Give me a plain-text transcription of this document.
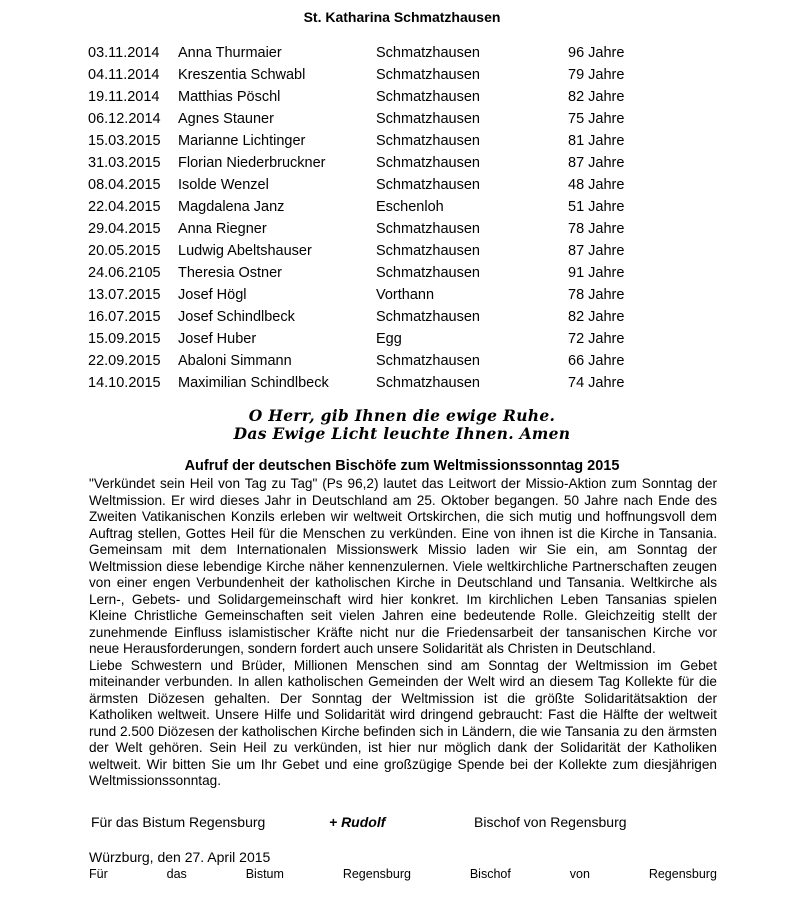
St. Katharina Schmatzhausen
03.11.2014 Anna Thurmaier	Schmatzhausen	96 Jahre
04.11.2014 Kreszentia Schwabl	Schmatzhausen	79 Jahre
19.11.2014 Matthias Pöschl	Schmatzhausen	82 Jahre
06.12.2014 Agnes Stauner	Schmatzhausen	75 Jahre
15.03.2015 Marianne Lichtinger	Schmatzhausen	81 Jahre
31.03.2015 Florian Niederbruckner	Schmatzhausen	87 Jahre
08.04.2015 Isolde Wenzel	Schmatzhausen	48 Jahre
22.04.2015 Magdalena Janz	Eschenloh	51 Jahre
29.04.2015 Anna Riegner	Schmatzhausen	78 Jahre
20.05.2015 Ludwig Abeltshauser	Schmatzhausen	87 Jahre
24.06.2105 Theresia Ostner	Schmatzhausen	91 Jahre
13.07.2015 Josef Högl	Vorthann	78 Jahre
16.07.2015 Josef Schindlbeck	Schmatzhausen	82 Jahre
15.09.2015 Josef Huber	Egg	72 Jahre
22.09.2015 Abaloni Simmann	Schmatzhausen	66 Jahre
14.10.2015 Maximilian Schindlbeck	Schmatzhausen	74 Jahre
O Herr, gib Ihnen die ewige Ruhe.
Das Ewige Licht leuchte Ihnen. Amen
Aufruf der deutschen Bischöfe zum Weltmissionssonntag 2015

"Verkündet sein Heil von Tag zu Tag" (Ps 96,2) lautet das Leitwort der Missio-Aktion zum Sonntag der Weltmission. Er wird dieses Jahr in Deutschland am 25. Oktober begangen. 50 Jahre nach Ende des Zweiten Vatikanischen Konzils erleben wir weltweit Ortskirchen, die sich mutig und hoffnungsvoll dem Auftrag stellen, Gottes Heil für die Menschen zu verkünden. Eine von ihnen ist die Kirche in Tansania. Gemeinsam mit dem Internationalen Missionswerk Missio laden wir Sie ein, am Sonntag der Weltmission diese lebendige Kirche näher kennenzulernen. Viele weltkirchliche Partnerschaften zeugen von einer engen Verbundenheit der katholischen Kirche in Deutschland und Tansania. Weltkirche als Lern-, Gebets- und Solidargemeinschaft wird hier konkret. Im kirchlichen Leben Tansanias spielen Kleine Christliche Gemeinschaften seit vielen Jahren eine bedeutende Rolle. Gleichzeitig stellt der zunehmende Einfluss islamistischer Kräfte nicht nur die Friedensarbeit der tansanischen Kirche vor neue Herausforderungen, sondern fordert auch unsere Solidarität als Christen in Deutschland.

Liebe Schwestern und Brüder, Millionen Menschen sind am Sonntag der Weltmission im Gebet miteinander verbunden. In allen katholischen Gemeinden der Welt wird an diesem Tag Kollekte für die ärmsten Diözesen gehalten. Der Sonntag der Weltmission ist die größte Solidaritätsaktion der Katholiken weltweit. Unsere Hilfe und Solidarität wird dringend gebraucht: Fast die Hälfte der weltweit rund 2.500 Diözesen der katholischen Kirche befinden sich in Ländern, die wie Tansania zu den ärmsten der Welt gehören. Sein Heil zu verkünden, ist hier nur möglich dank der Solidarität der Katholiken weltweit. Wir bitten Sie um Ihr Gebet und eine großzügige Spende bei der Kollekte zum diesjährigen Weltmissionssonntag.

Für das Bistum Regensburg	+ Rudolf	Bischof von Regensburg
Würzburg, den 27. April 2015
Für	das	Bistum	Regensburg	Bischof	von	Regensburg
